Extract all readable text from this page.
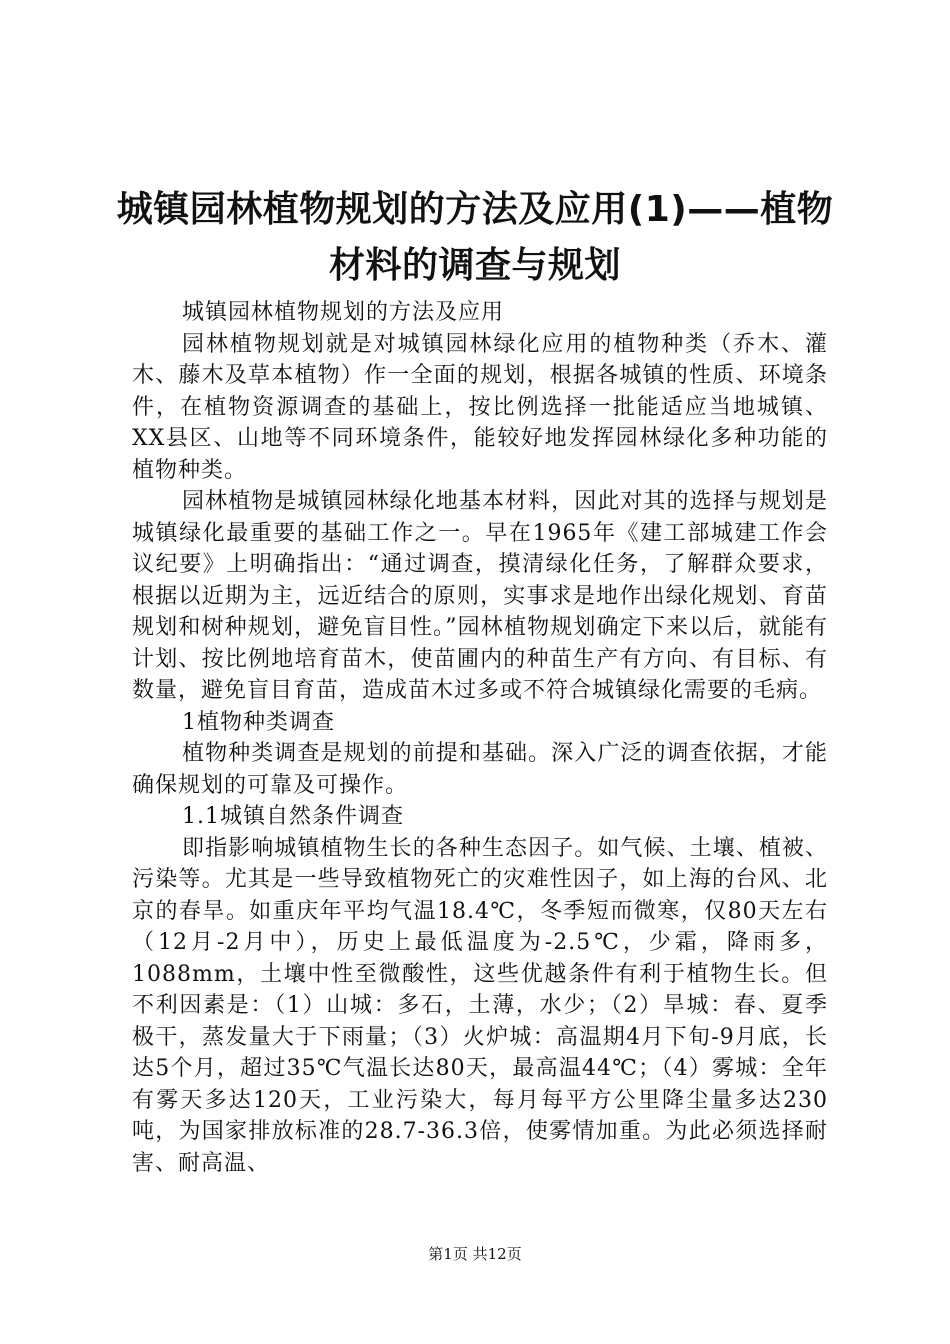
城镇园林植物规划的方法及应用(1)——植物材料的调查与规划

城镇园林植物规划的方法及应用

园林植物规划就是对城镇园林绿化应用的植物种类（乔木、灌木、藤木及草本植物）作一全面的规划，根据各城镇的性质、环境条件，在植物资源调查的基础上，按比例选择一批能适应当地城镇、XX县区、山地等不同环境条件，能较好地发挥园林绿化多种功能的植物种类。

园林植物是城镇园林绿化地基本材料，因此对其的选择与规划是城镇绿化最重要的基础工作之一。早在1965年《建工部城建工作会议纪要》上明确指出：“通过调查，摸清绿化任务，了解群众要求，根据以近期为主，远近结合的原则，实事求是地作出绿化规划、育苗规划和树种规划，避免盲目性。”园林植物规划确定下来以后，就能有计划、按比例地培育苗木，使苗圃内的种苗生产有方向、有目标、有数量，避免盲目育苗，造成苗木过多或不符合城镇绿化需要的毛病。

1植物种类调查

植物种类调查是规划的前提和基础。深入广泛的调查依据，才能确保规划的可靠及可操作。

1.1城镇自然条件调查

即指影响城镇植物生长的各种生态因子。如气候、土壤、植被、污染等。尤其是一些导致植物死亡的灾难性因子，如上海的台风、北京的春旱。如重庆年平均气温18.4℃，冬季短而微寒，仅80天左右（12月-2月中），历史上最低温度为-2.5℃，少霜，降雨多，1088mm，土壤中性至微酸性，这些优越条件有利于植物生长。但不利因素是：（1）山城：多石，土薄，水少；（2）旱城：春、夏季极干，蒸发量大于下雨量；（3）火炉城：高温期4月下旬-9月底，长达5个月，超过35℃气温长达80天，最高温44℃；（4）雾城：全年有雾天多达120天，工业污染大，每月每平方公里降尘量多达230吨，为国家排放标准的28.7-36.3倍，使雾情加重。为此必须选择耐害、耐高温、

第1页 共12页
